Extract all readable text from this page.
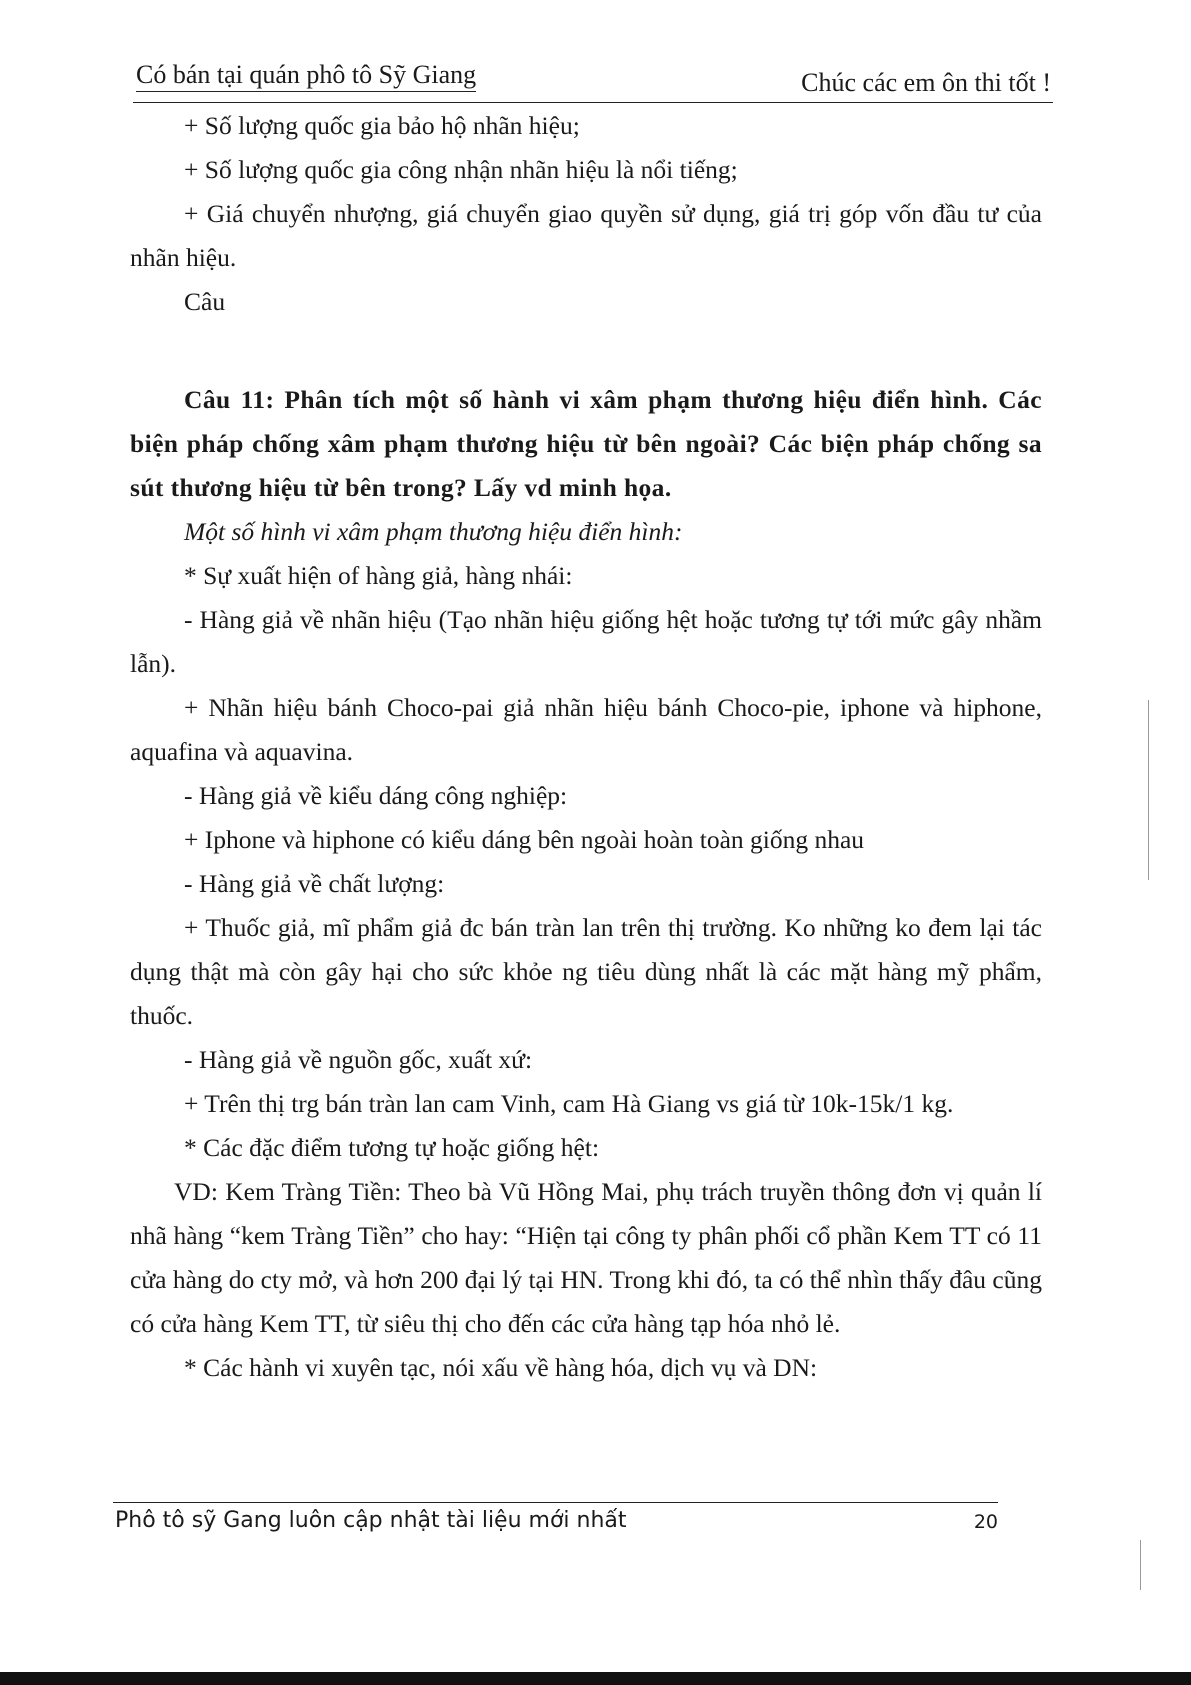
Có bán tại quán phô tô Sỹ Giang	Chúc các em ôn thi tốt !
+ Số lượng quốc gia bảo hộ nhãn hiệu;
+ Số lượng quốc gia công nhận nhãn hiệu là nổi tiếng;
+ Giá chuyển nhượng, giá chuyển giao quyền sử dụng, giá trị góp vốn đầu tư của nhãn hiệu.
Câu
Câu 11: Phân tích một số hành vi xâm phạm thương hiệu điển hình. Các biện pháp chống xâm phạm thương hiệu từ bên ngoài? Các biện pháp chống sa sút thương hiệu từ bên trong? Lấy vd minh họa.
Một số hình vi xâm phạm thương hiệu điển hình:
* Sự xuất hiện of hàng giả, hàng nhái:
- Hàng giả về nhãn hiệu (Tạo nhãn hiệu giống hệt hoặc tương tự tới mức gây nhầm lẫn).
+ Nhãn hiệu bánh Choco-pai giả nhãn hiệu bánh Choco-pie, iphone và hiphone, aquafina và aquavina.
- Hàng giả về kiểu dáng công nghiệp:
+ Iphone và hiphone có kiểu dáng bên ngoài hoàn toàn giống nhau
- Hàng giả về chất lượng:
+ Thuốc giả, mĩ phẩm giả đc bán tràn lan trên thị trường. Ko những ko đem lại tác dụng thật mà còn gây hại cho sức khỏe ng tiêu dùng nhất là các mặt hàng mỹ phẩm, thuốc.
- Hàng giả về nguồn gốc, xuất xứ:
+ Trên thị trg bán tràn lan cam Vinh, cam Hà Giang vs giá từ 10k-15k/1 kg.
* Các đặc điểm tương tự hoặc giống hệt:
VD: Kem Tràng Tiền: Theo bà Vũ Hồng Mai, phụ trách truyền thông đơn vị quản lí nhã hàng “kem Tràng Tiền” cho hay: “Hiện tại công ty phân phối cổ phần Kem TT có 11 cửa hàng do cty mở, và hơn 200 đại lý tại HN. Trong khi đó, ta có thể nhìn thấy đâu cũng có cửa hàng Kem TT, từ siêu thị cho đến các cửa hàng tạp hóa nhỏ lẻ.
* Các hành vi xuyên tạc, nói xấu về hàng hóa, dịch vụ và DN:
Phô tô sỹ Gang luôn cập nhật tài liệu mới nhất	20
